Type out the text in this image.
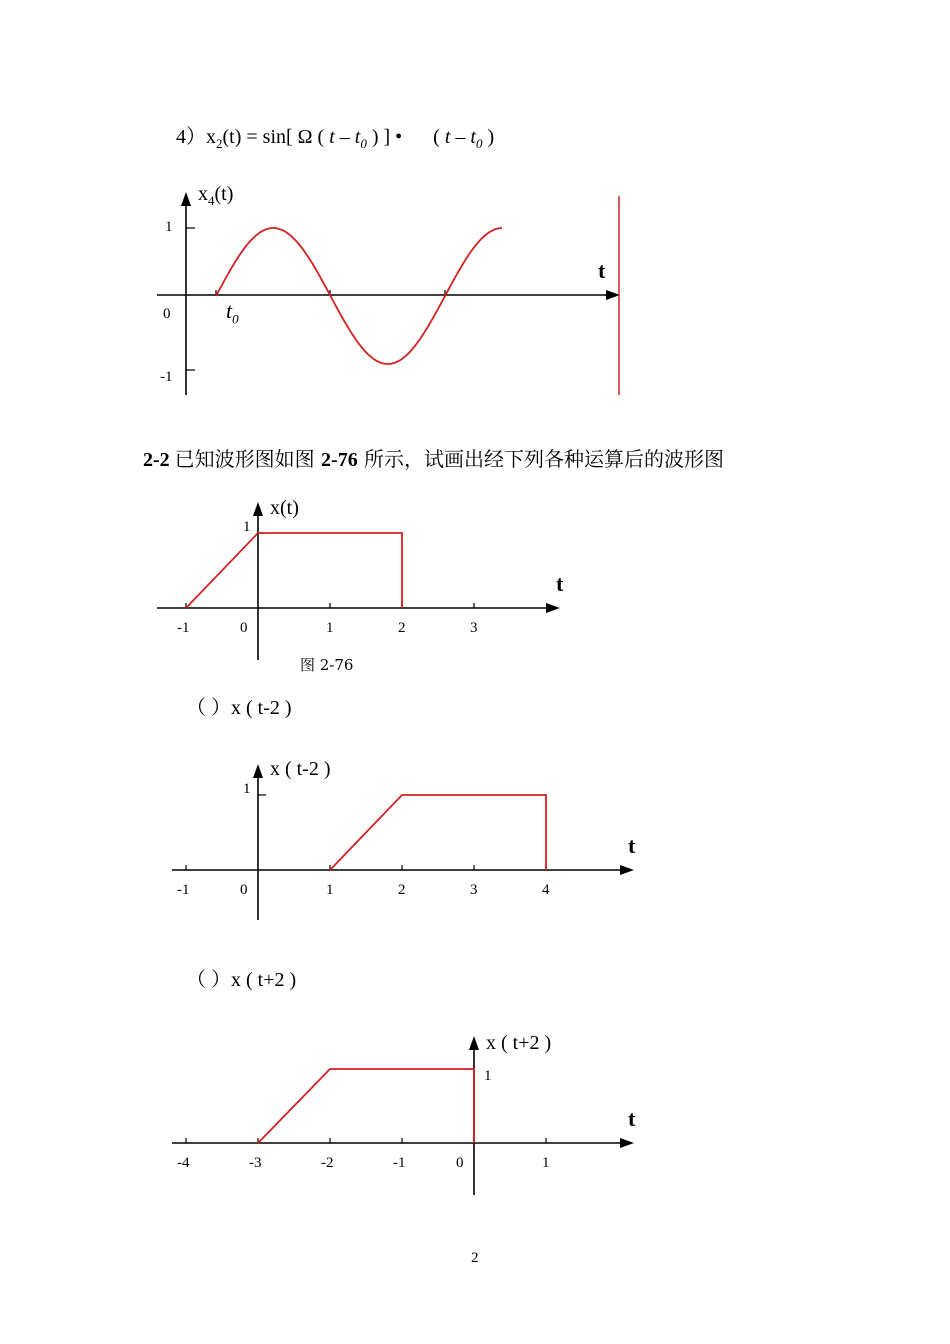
$4)x_2(t) = \sin$[ Ω ( t – $t_0$ ) ] • ( t – $t_0$ )
$x_4(t)$
1
0
-1
t
$t_0$
2-2 已知波形图如图 2-76 所示，试画出经下列各种运算后的波形图
x(t)
1
t
-1	0	1	2	3
图 2-76
（ ）x ( t-2 )
x ( t-2 )
1
t
-1	0	1	2	3	4
（ ）x ( t+2 )
x ( t+2 )
1
t
-4	-3	-2	-1	0	1
2
